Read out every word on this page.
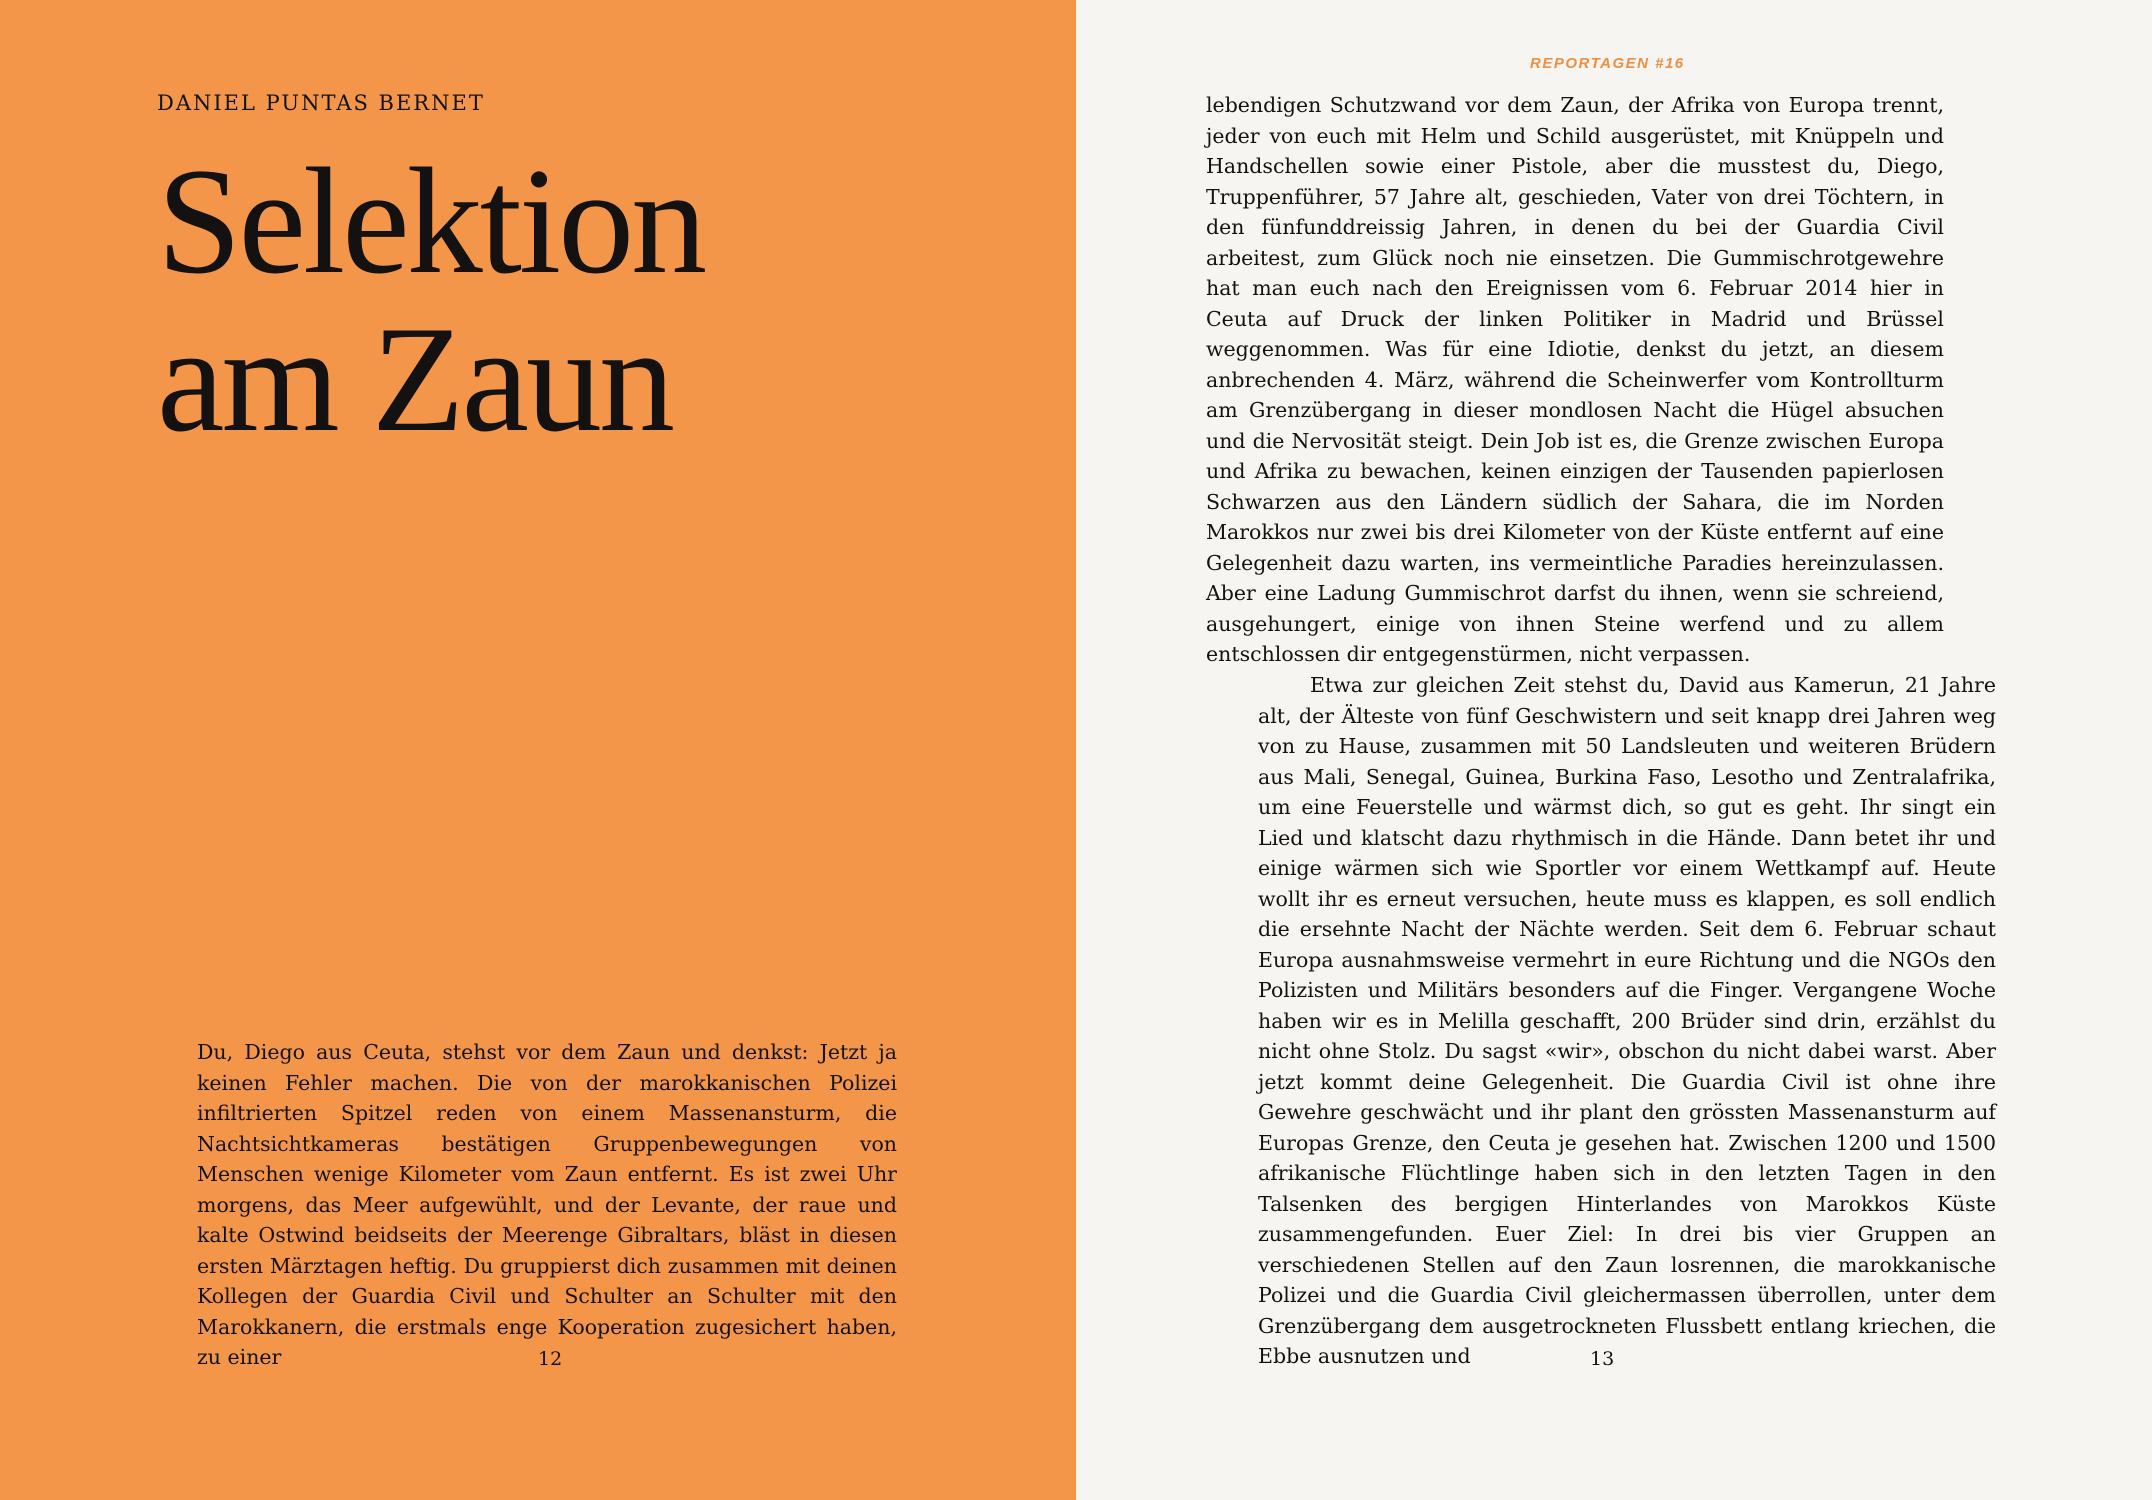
DANIEL PUNTAS BERNET
Selektion
am Zaun

Du, Diego aus Ceuta, stehst vor dem Zaun und denkst: Jetzt ja keinen Fehler machen. Die von der marokkanischen Polizei infiltrierten Spitzel reden von einem Massenansturm, die Nachtsichtkameras bestätigen Gruppenbewegungen von Menschen wenige Kilometer vom Zaun entfernt. Es ist zwei Uhr morgens, das Meer aufgewühlt, und der Levante, der raue und kalte Ostwind beidseits der Meerenge Gibraltars, bläst in diesen ersten Märztagen heftig. Du gruppierst dich zusammen mit deinen Kollegen der Guardia Civil und Schulter an Schulter mit den Marokkanern, die erstmals enge Kooperation zugesichert haben, zu einer	12
REPORTAGEN #16

lebendigen Schutzwand vor dem Zaun, der Afrika von Europa trennt, jeder von euch mit Helm und Schild ausgerüstet, mit Knüppeln und Handschellen sowie einer Pistole, aber die musstest du, Diego, Truppenführer, 57 Jahre alt, geschieden, Vater von drei Töchtern, in den fünfunddreissig Jahren, in denen du bei der Guardia Civil arbeitest, zum Glück noch nie einsetzen. Die Gummischrotgewehre hat man euch nach den Ereignissen vom 6. Februar 2014 hier in Ceuta auf Druck der linken Politiker in Madrid und Brüssel weggenommen. Was für eine Idiotie, denkst du jetzt, an diesem anbrechenden 4. März, während die Scheinwerfer vom Kontrollturm am Grenzübergang in dieser mondlosen Nacht die Hügel absuchen und die Nervosität steigt. Dein Job ist es, die Grenze zwischen Europa und Afrika zu bewachen, keinen einzigen der Tausenden papierlosen Schwarzen aus den Ländern südlich der Sahara, die im Norden Marokkos nur zwei bis drei Kilometer von der Küste entfernt auf eine Gelegenheit dazu warten, ins vermeintliche Paradies hereinzulassen. Aber eine Ladung Gummischrot darfst du ihnen, wenn sie schreiend, ausgehungert, einige von ihnen Steine werfend und zu allem entschlossen dir entgegenstürmen, nicht verpassen.

Etwa zur gleichen Zeit stehst du, David aus Kamerun, 21 Jahre alt, der Älteste von fünf Geschwistern und seit knapp drei Jahren weg von zu Hause, zusammen mit 50 Landsleuten und weiteren Brüdern aus Mali, Senegal, Guinea, Burkina Faso, Lesotho und Zentralafrika, um eine Feuerstelle und wärmst dich, so gut es geht. Ihr singt ein Lied und klatscht dazu rhythmisch in die Hände. Dann betet ihr und einige wärmen sich wie Sportler vor einem Wettkampf auf. Heute wollt ihr es erneut versuchen, heute muss es klappen, es soll endlich die ersehnte Nacht der Nächte werden. Seit dem 6. Februar schaut Europa ausnahmsweise vermehrt in eure Richtung und die NGOs den Polizisten und Militärs besonders auf die Finger. Vergangene Woche haben wir es in Melilla geschafft, 200 Brüder sind drin, erzählst du nicht ohne Stolz. Du sagst «wir», obschon du nicht dabei warst. Aber jetzt kommt deine Gelegenheit. Die Guardia Civil ist ohne ihre Gewehre geschwächt und ihr plant den grössten Massenansturm auf Europas Grenze, den Ceuta je gesehen hat. Zwischen 1200 und 1500 afrikanische Flüchtlinge haben sich in den letzten Tagen in den Talsenken des bergigen Hinterlandes von Marokkos Küste zusammengefunden. Euer Ziel: In drei bis vier Gruppen an verschiedenen Stellen auf den Zaun losrennen, die marokkanische Polizei und die Guardia Civil gleichermassen überrollen, unter dem Grenzübergang dem ausgetrockneten Flussbett entlang kriechen, die Ebbe ausnutzen und	13
